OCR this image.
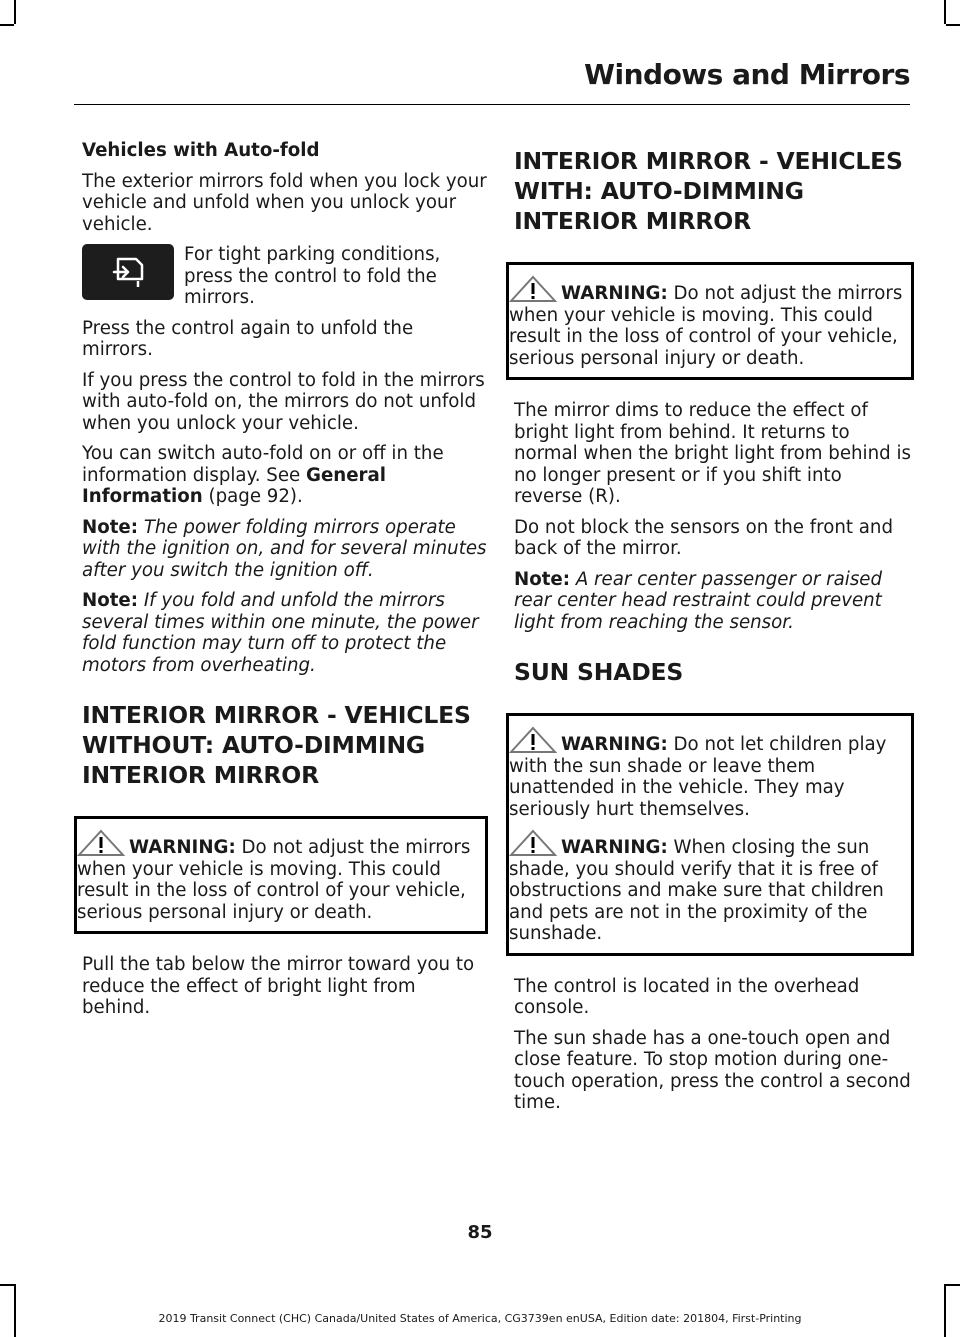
Windows and Mirrors

Vehicles with Auto-fold

The exterior mirrors fold when you lock your vehicle and unfold when you unlock your vehicle.

For tight parking conditions, press the control to fold the mirrors.

Press the control again to unfold the mirrors.

If you press the control to fold in the mirrors with auto-fold on, the mirrors do not unfold when you unlock your vehicle.

You can switch auto-fold on or off in the information display. See General Information (page 92).

Note: The power folding mirrors operate with the ignition on, and for several minutes after you switch the ignition off.

Note: If you fold and unfold the mirrors several times within one minute, the power fold function may turn off to protect the motors from overheating.

INTERIOR MIRROR - VEHICLES WITHOUT: AUTO-DIMMING INTERIOR MIRROR

WARNING: Do not adjust the mirrors when your vehicle is moving. This could result in the loss of control of your vehicle, serious personal injury or death.

Pull the tab below the mirror toward you to reduce the effect of bright light from behind.

INTERIOR MIRROR - VEHICLES WITH: AUTO-DIMMING INTERIOR MIRROR

WARNING: Do not adjust the mirrors when your vehicle is moving. This could result in the loss of control of your vehicle, serious personal injury or death.

The mirror dims to reduce the effect of bright light from behind. It returns to normal when the bright light from behind is no longer present or if you shift into reverse (R).

Do not block the sensors on the front and back of the mirror.

Note: A rear center passenger or raised rear center head restraint could prevent light from reaching the sensor.

SUN SHADES

WARNING: Do not let children play with the sun shade or leave them unattended in the vehicle. They may seriously hurt themselves.

WARNING: When closing the sun shade, you should verify that it is free of obstructions and make sure that children and pets are not in the proximity of the sunshade.

The control is located in the overhead console.

The sun shade has a one-touch open and close feature. To stop motion during one-touch operation, press the control a second time.

85
2019 Transit Connect (CHC) Canada/United States of America, CG3739en enUSA, Edition date: 201804, First-Printing
